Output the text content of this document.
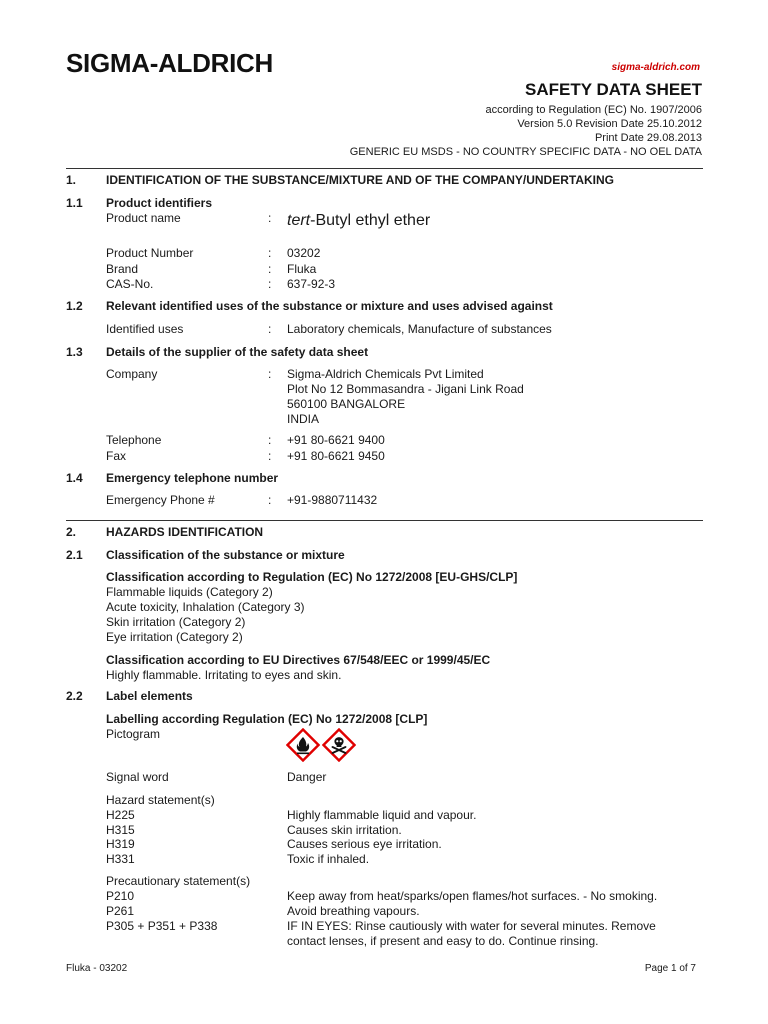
SIGMA-ALDRICH	sigma-aldrich.com
SAFETY DATA SHEET
according to Regulation (EC) No. 1907/2006
Version 5.0 Revision Date 25.10.2012
Print Date 29.08.2013
GENERIC EU MSDS - NO COUNTRY SPECIFIC DATA - NO OEL DATA
1. IDENTIFICATION OF THE SUBSTANCE/MIXTURE AND OF THE COMPANY/UNDERTAKING
1.1 Product identifiers
Product name	: tert-Butyl ethyl ether
Product Number	: 03202
Brand	: Fluka
CAS-No.	: 637-92-3
1.2 Relevant identified uses of the substance or mixture and uses advised against
Identified uses	: Laboratory chemicals, Manufacture of substances
1.3 Details of the supplier of the safety data sheet
Company	: Sigma-Aldrich Chemicals Pvt Limited
Plot No 12 Bommasandra - Jigani Link Road
560100 BANGALORE
INDIA
Telephone	: +91 80-6621 9400
Fax	: +91 80-6621 9450
1.4 Emergency telephone number
Emergency Phone #	: +91-9880711432
2. HAZARDS IDENTIFICATION
2.1 Classification of the substance or mixture
Classification according to Regulation (EC) No 1272/2008 [EU-GHS/CLP]
Flammable liquids (Category 2)
Acute toxicity, Inhalation (Category 3)
Skin irritation (Category 2)
Eye irritation (Category 2)
Classification according to EU Directives 67/548/EEC or 1999/45/EC
Highly flammable. Irritating to eyes and skin.
2.2 Label elements
Labelling according Regulation (EC) No 1272/2008 [CLP]
Pictogram
Signal word	Danger
Hazard statement(s)
H225	Highly flammable liquid and vapour.
H315	Causes skin irritation.
H319	Causes serious eye irritation.
H331	Toxic if inhaled.
Precautionary statement(s)
P210	Keep away from heat/sparks/open flames/hot surfaces. - No smoking.
P261	Avoid breathing vapours.
P305 + P351 + P338	IF IN EYES: Rinse cautiously with water for several minutes. Remove
contact lenses, if present and easy to do. Continue rinsing.
Fluka - 03202	Page 1 of 7
